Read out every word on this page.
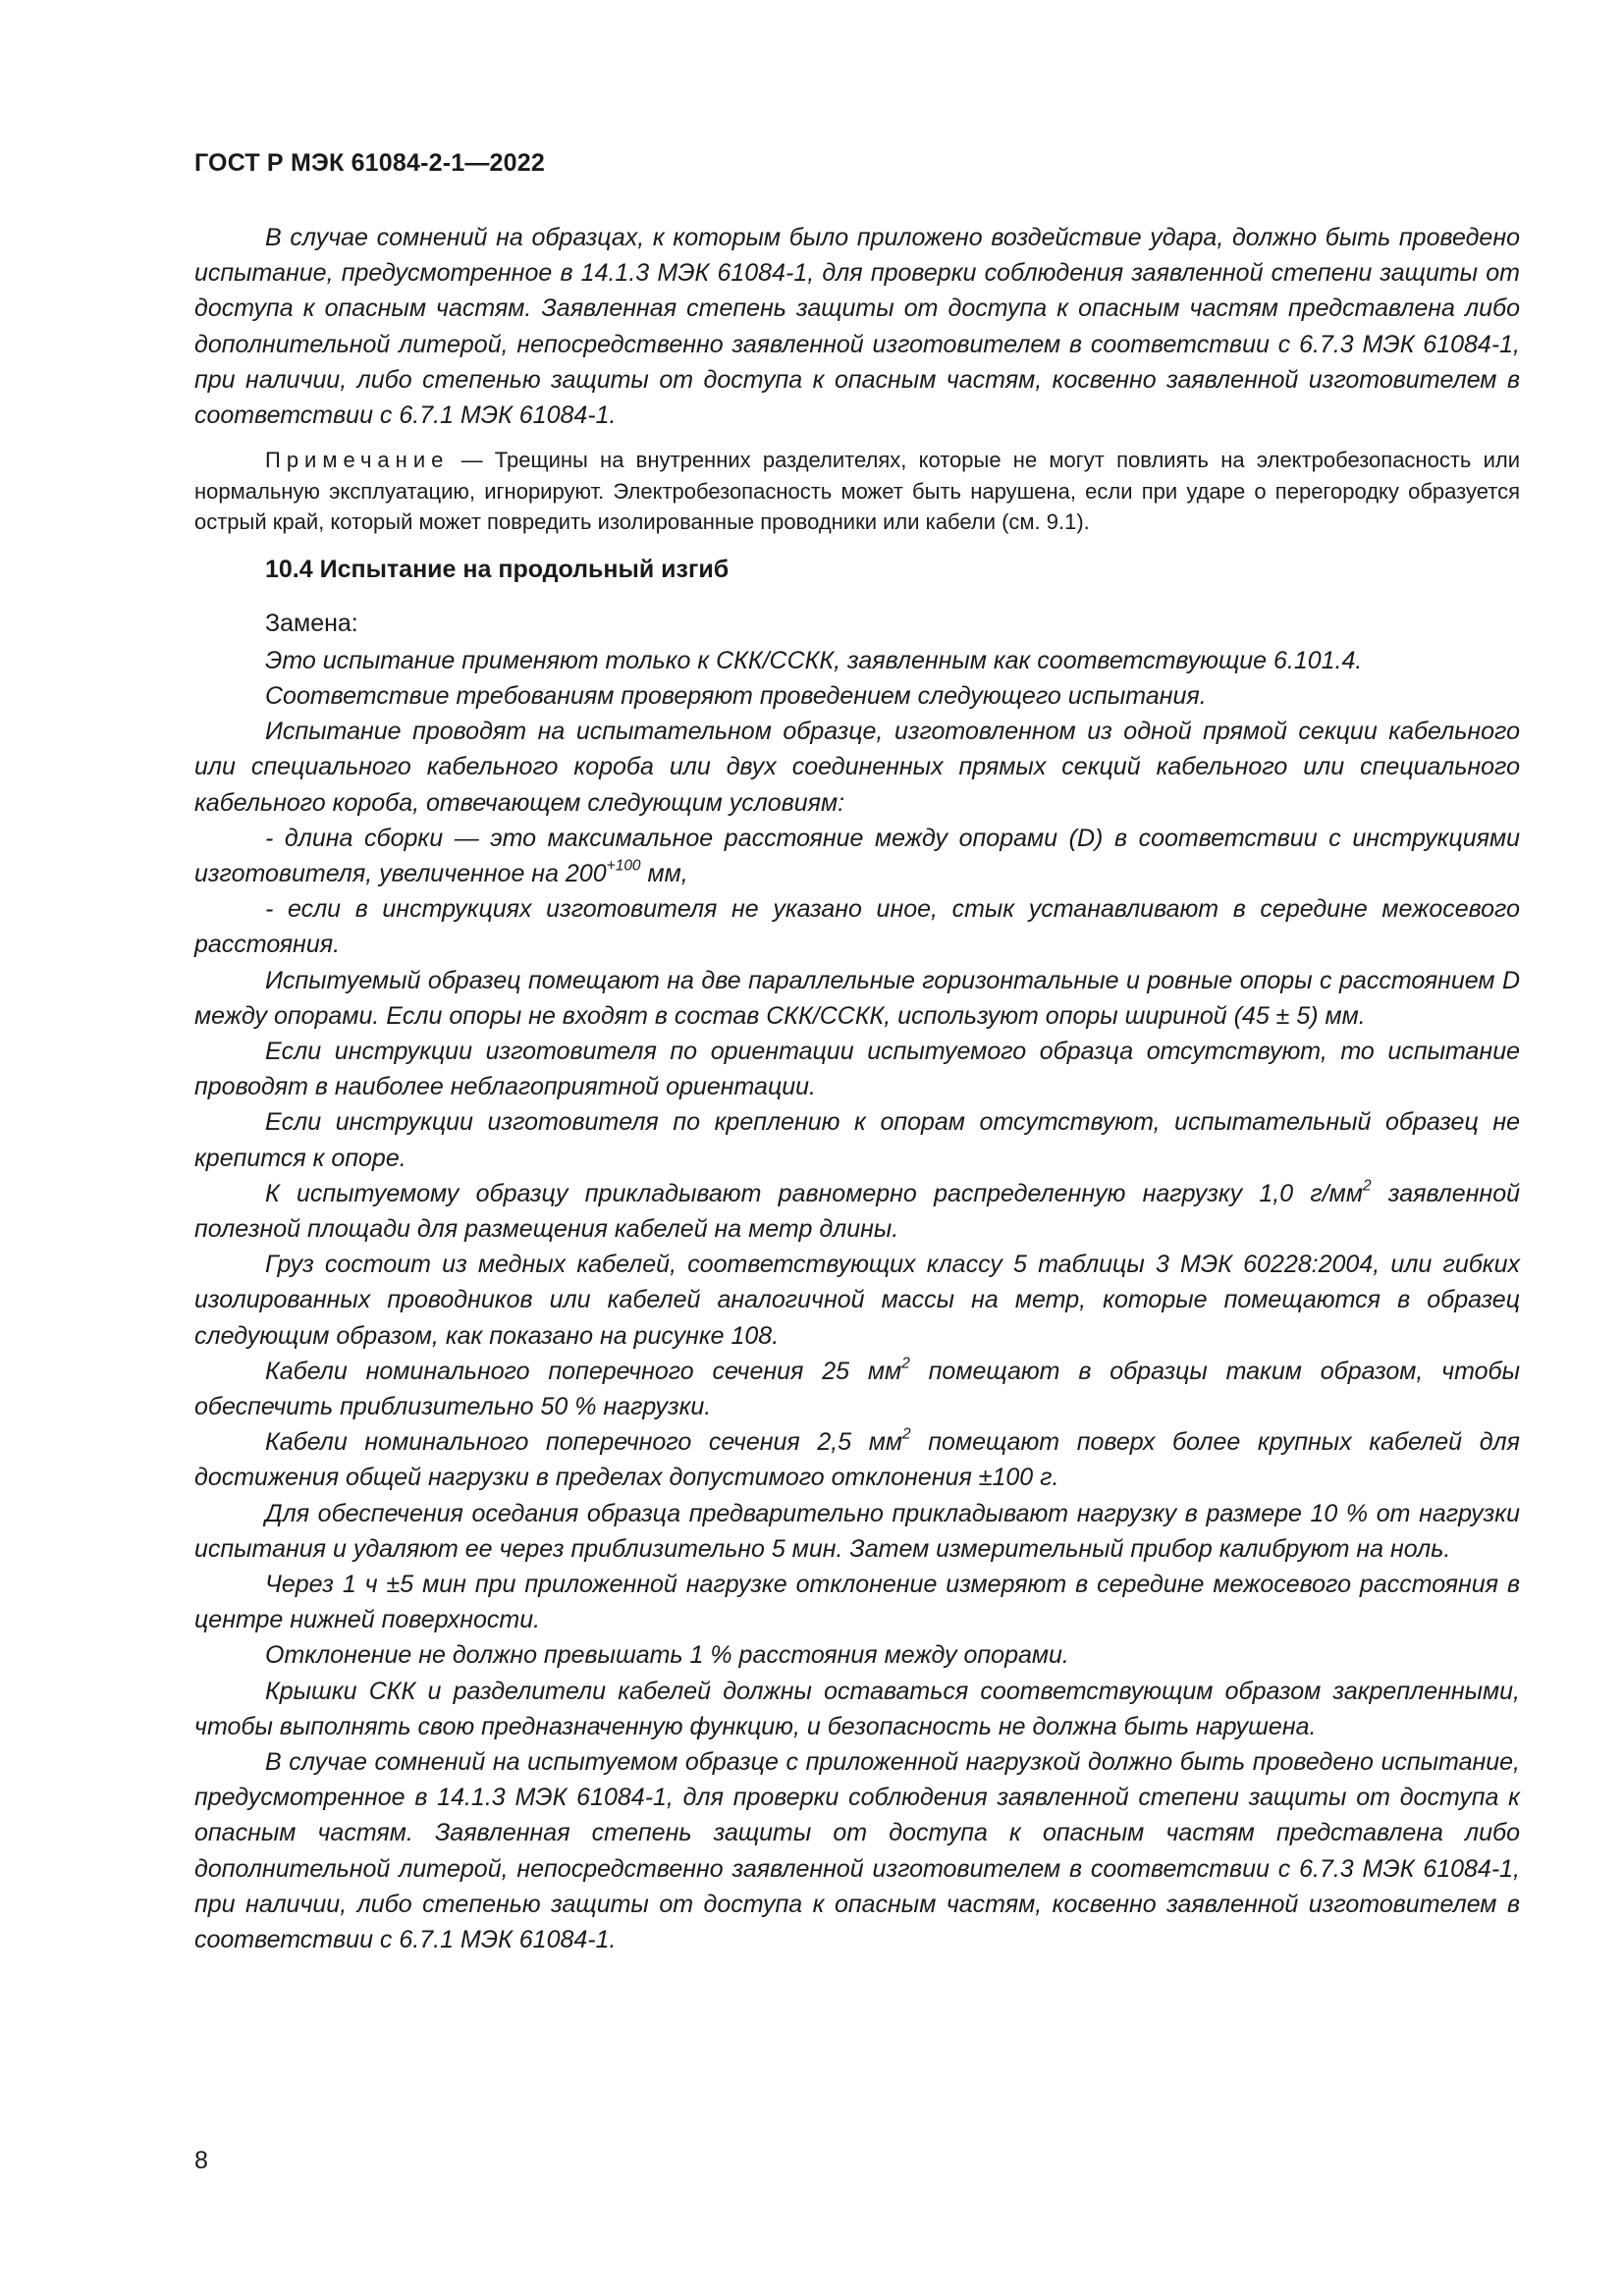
ГОСТ Р МЭК 61084-2-1—2022

В случае сомнений на образцах, к которым было приложено воздействие удара, должно быть проведено испытание, предусмотренное в 14.1.3 МЭК 61084-1, для проверки соблюдения заявленной степени защиты от доступа к опасным частям. Заявленная степень защиты от доступа к опасным частям представлена либо дополнительной литерой, непосредственно заявленной изготовителем в соответствии с 6.7.3 МЭК 61084-1, при наличии, либо степенью защиты от доступа к опасным частям, косвенно заявленной изготовителем в соответствии с 6.7.1 МЭК 61084-1.

Примечание — Трещины на внутренних разделителях, которые не могут повлиять на электробезопасность или нормальную эксплуатацию, игнорируют. Электробезопасность может быть нарушена, если при ударе о перегородку образуется острый край, который может повредить изолированные проводники или кабели (см. 9.1).

10.4 Испытание на продольный изгиб

Замена:

Это испытание применяют только к СКК/ССКК, заявленным как соответствующие 6.101.4.

Соответствие требованиям проверяют проведением следующего испытания.

Испытание проводят на испытательном образце, изготовленном из одной прямой секции кабельного или специального кабельного короба или двух соединенных прямых секций кабельного или специального кабельного короба, отвечающем следующим условиям:

- длина сборки — это максимальное расстояние между опорами (D) в соответствии с инструкциями изготовителя, увеличенное на $200^{+100}$ мм,

- если в инструкциях изготовителя не указано иное, стык устанавливают в середине межосевого расстояния.

Испытуемый образец помещают на две параллельные горизонтальные и ровные опоры с расстоянием D между опорами. Если опоры не входят в состав СКК/ССКК, используют опоры шириной (45 ± 5) мм.

Если инструкции изготовителя по ориентации испытуемого образца отсутствуют, то испытание проводят в наиболее неблагоприятной ориентации.

Если инструкции изготовителя по креплению к опорам отсутствуют, испытательный образец не крепится к опоре.

К испытуемому образцу прикладывают равномерно распределенную нагрузку 1,0 $г/мм^2$ заявленной полезной площади для размещения кабелей на метр длины.

Груз состоит из медных кабелей, соответствующих классу 5 таблицы 3 МЭК 60228:2004, или гибких изолированных проводников или кабелей аналогичной массы на метр, которые помещаются в образец следующим образом, как показано на рисунке 108.

Кабели номинального поперечного сечения 25 $мм^2$ помещают в образцы таким образом, чтобы обеспечить приблизительно 50 % нагрузки.

Кабели номинального поперечного сечения 2,5 $мм^2$ помещают поверх более крупных кабелей для достижения общей нагрузки в пределах допустимого отклонения ±100 г.

Для обеспечения оседания образца предварительно прикладывают нагрузку в размере 10 % от нагрузки испытания и удаляют ее через приблизительно 5 мин. Затем измерительный прибор калибруют на ноль.

Через 1 ч ±5 мин при приложенной нагрузке отклонение измеряют в середине межосевого расстояния в центре нижней поверхности.

Отклонение не должно превышать 1 % расстояния между опорами.

Крышки СКК и разделители кабелей должны оставаться соответствующим образом закрепленными, чтобы выполнять свою предназначенную функцию, и безопасность не должна быть нарушена.

В случае сомнений на испытуемом образце с приложенной нагрузкой должно быть проведено испытание, предусмотренное в 14.1.3 МЭК 61084-1, для проверки соблюдения заявленной степени защиты от доступа к опасным частям. Заявленная степень защиты от доступа к опасным частям представлена либо дополнительной литерой, непосредственно заявленной изготовителем в соответствии с 6.7.3 МЭК 61084-1, при наличии, либо степенью защиты от доступа к опасным частям, косвенно заявленной изготовителем в соответствии с 6.7.1 МЭК 61084-1.

8
